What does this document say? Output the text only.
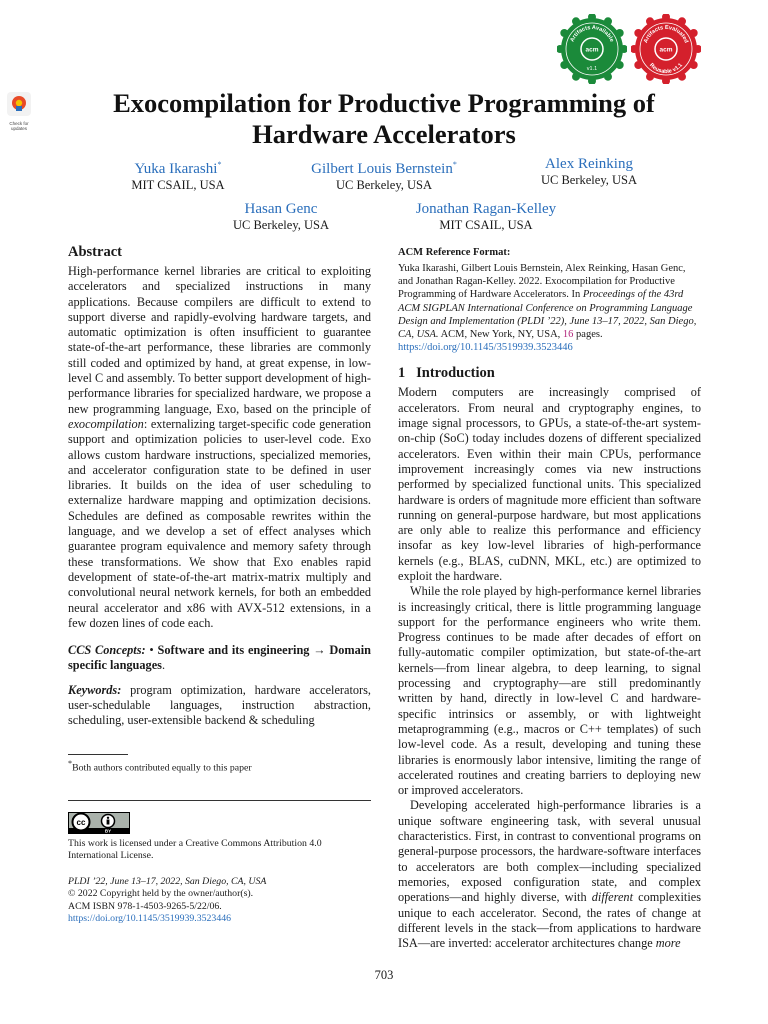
acm
v1.1
Artifacts Available
acm
Artifacts Evaluated
Reusable v1.1
Check for updates
Exocompilation for Productive Programming of
Hardware Accelerators
Yuka Ikarashi*
MIT CSAIL, USA
Gilbert Louis Bernstein*
UC Berkeley, USA
Alex Reinking
UC Berkeley, USA
Hasan Genc
UC Berkeley, USA
Jonathan Ragan-Kelley
MIT CSAIL, USA
Abstract

High-performance kernel libraries are critical to exploiting accelerators and specialized instructions in many applications. Because compilers are difficult to extend to support diverse and rapidly-evolving hardware targets, and automatic optimization is often insufficient to guarantee state-of-the-art performance, these libraries are commonly still coded and optimized by hand, at great expense, in low-level C and assembly. To better support development of high-performance libraries for specialized hardware, we propose a new programming language, Exo, based on the principle of exocompilation: externalizing target-specific code generation support and optimization policies to user-level code. Exo allows custom hardware instructions, specialized memories, and accelerator configuration state to be defined in user libraries. It builds on the idea of user scheduling to externalize hardware mapping and optimization decisions. Schedules are defined as composable rewrites within the language, and we develop a set of effect analyses which guarantee program equivalence and memory safety through these transformations. We show that Exo enables rapid development of state-of-the-art matrix-matrix multiply and convolutional neural network kernels, for both an embedded neural accelerator and x86 with AVX-512 extensions, in a few dozen lines of code each.

CCS Concepts: • Software and its engineering → Domain specific languages.

Keywords: program optimization, hardware accelerators, user-schedulable languages, instruction abstraction, scheduling, user-extensible backend & scheduling

*Both authors contributed equally to this paper
cc
BY
This work is licensed under a Creative Commons Attribution 4.0 International License.
PLDI ’22, June 13–17, 2022, San Diego, CA, USA
© 2022 Copyright held by the owner/author(s).
ACM ISBN 978-1-4503-9265-5/22/06.
https://doi.org/10.1145/3519939.3523446
ACM Reference Format:

Yuka Ikarashi, Gilbert Louis Bernstein, Alex Reinking, Hasan Genc, and Jonathan Ragan-Kelley. 2022. Exocompilation for Productive Programming of Hardware Accelerators. In Proceedings of the 43rd ACM SIGPLAN International Conference on Programming Language Design and Implementation (PLDI ’22), June 13–17, 2022, San Diego, CA, USA. ACM, New York, NY, USA, 16 pages. https://doi.org/10.1145/3519939.3523446

1 Introduction

Modern computers are increasingly comprised of accelerators. From neural and cryptography engines, to image signal processors, to GPUs, a state-of-the-art system-on-chip (SoC) today includes dozens of different specialized accelerators. Even within their main CPUs, performance improvement increasingly comes via new instructions performed by specialized functional units. This specialized hardware is orders of magnitude more efficient than software running on general-purpose hardware, but most applications are only able to realize this performance and efficiency insofar as key low-level libraries of high-performance kernels (e.g., BLAS, cuDNN, MKL, etc.) are optimized to exploit the hardware.

While the role played by high-performance kernel libraries is increasingly critical, there is little programming language support for the performance engineers who write them. Progress continues to be made after decades of effort on fully-automatic compiler optimization, but state-of-the-art kernels—from linear algebra, to deep learning, to signal processing and cryptography—are still predominantly written by hand, directly in low-level C and hardware-specific intrinsics or assembly, or with lightweight metaprogramming (e.g., macros or C++ templates) of such low-level code. As a result, developing and tuning these libraries is enormously labor intensive, limiting the range of accelerated routines and creating barriers to deploying new or improved accelerators.

Developing accelerated high-performance libraries is a unique software engineering task, with several unusual characteristics. First, in contrast to conventional programs on general-purpose processors, the hardware-software interfaces to accelerators are both complex—including specialized memories, exposed configuration state, and complex operations—and highly diverse, with different complexities unique to each accelerator. Second, the rates of change at different levels in the stack—from applications to hardware ISA—are inverted: accelerator architectures change more

703
